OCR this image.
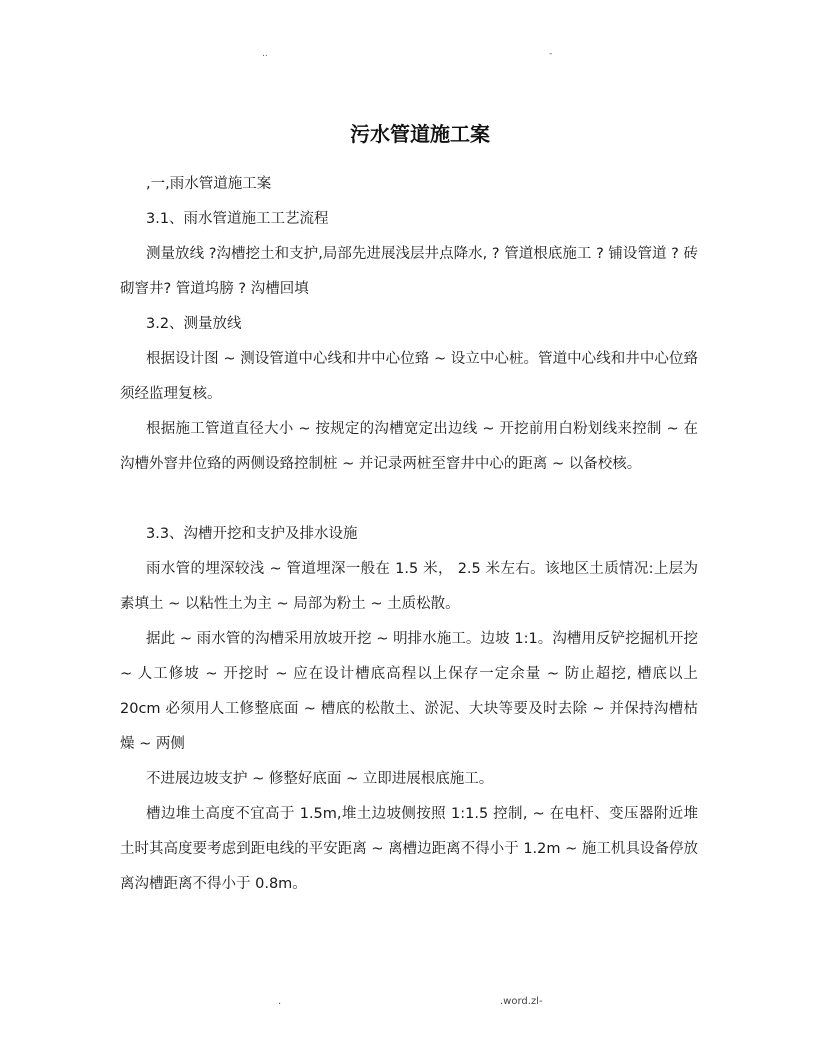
..	-
污水管道施工案

,一,雨水管道施工案

3.1、雨水管道施工工艺流程

测量放线 ?沟槽挖土和支护,局部先进展浅层井点降水, ? 管道根底施工 ? 铺设管道 ? 砖砌窨井? 管道坞膀 ? 沟槽回填

3.2、测量放线

根据设计图 ~ 测设管道中心线和井中心位臵 ~ 设立中心桩。管道中心线和井中心位臵须经监理复核。

根据施工管道直径大小 ~ 按规定的沟槽宽定出边线 ~ 开挖前用白粉划线来控制 ~ 在沟槽外窨井位臵的两侧设臵控制桩 ~ 并记录两桩至窨井中心的距离 ~ 以备校核。

3.3、沟槽开挖和支护及排水设施

雨水管的埋深较浅 ~ 管道埋深一般在 1.5 米， 2.5 米左右。该地区土质情况:上层为素填土 ~ 以粘性土为主 ~ 局部为粉土 ~ 土质松散。

据此 ~ 雨水管的沟槽采用放坡开挖 ~ 明排水施工。边坡 1:1。沟槽用反铲挖掘机开挖 ~ 人工修坡 ~ 开挖时 ~ 应在设计槽底高程以上保存一定余量 ~ 防止超挖, 槽底以上 20cm 必须用人工修整底面 ~ 槽底的松散土、淤泥、大块等要及时去除 ~ 并保持沟槽枯燥 ~ 两侧

不进展边坡支护 ~ 修整好底面 ~ 立即进展根底施工。

槽边堆土高度不宜高于 1.5m,堆土边坡侧按照 1:1.5 控制, ~ 在电杆、变压器附近堆土时其高度要考虑到距电线的平安距离 ~ 离槽边距离不得小于 1.2m ~ 施工机具设备停放离沟槽距离不得小于 0.8m。

.	.word.zl-
